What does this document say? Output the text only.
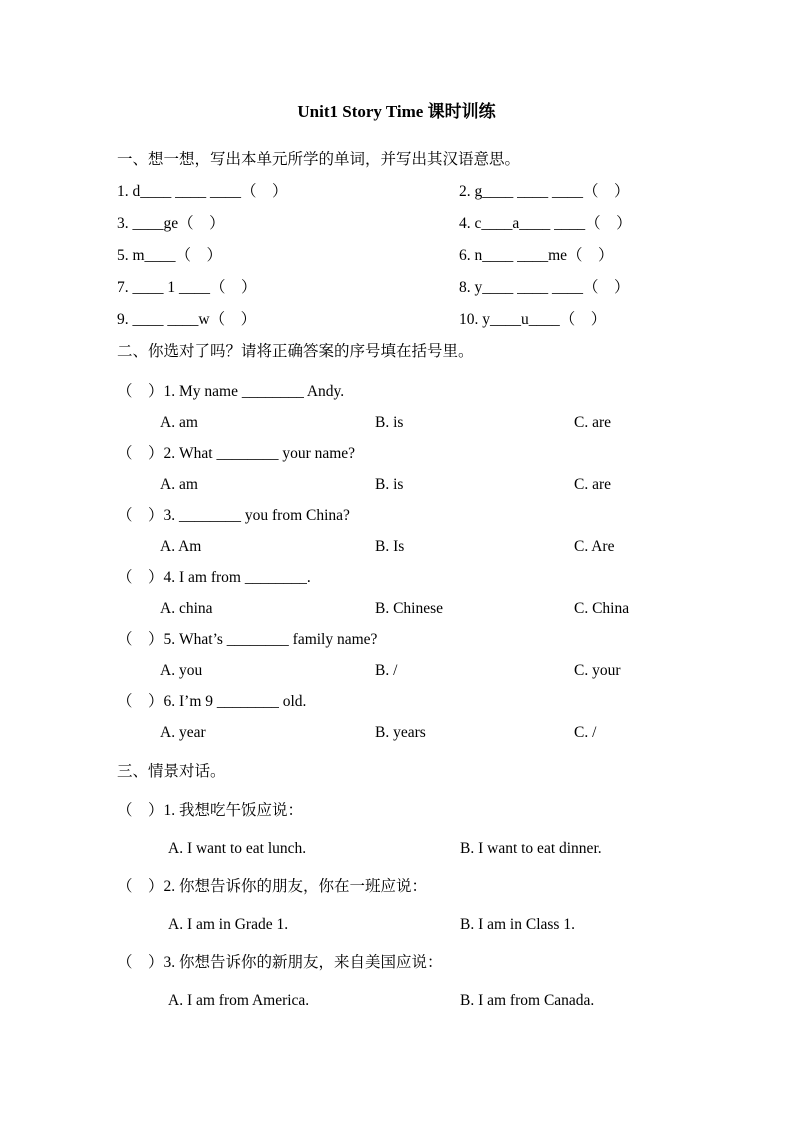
Unit1 Story Time 课时训练
一、想一想，写出本单元所学的单词，并写出其汉语意思。
1. d____ ____ ____（　）	2. g____ ____ ____（　）
3. ____ge（　）	4. c____a____ ____（　）
5. m____（　）	6. n____ ____me（　）
7. ____ 1 ____（　）	8. y____ ____ ____（　）
9. ____ ____w（　）	10. y____u____（　）
二、你选对了吗？请将正确答案的序号填在括号里。
（　）1. My name ________ Andy.
A. am	B. is	C. are
（　）2. What ________ your name?
A. am	B. is	C. are
（　）3. ________ you from China?
A. Am	B. Is	C. Are
（　）4. I am from ________.
A. china	B. Chinese	C. China
（　）5. What’s ________ family name?
A. you	B. /	C. your
（　）6. I’m 9 ________ old.
A. year	B. years	C. /
三、情景对话。
（　）1. 我想吃午饭应说：
A. I want to eat lunch.	B. I want to eat dinner.
（　）2. 你想告诉你的朋友，你在一班应说：
A. I am in Grade 1.	B. I am in Class 1.
（　）3. 你想告诉你的新朋友，来自美国应说：
A. I am from America.	B. I am from Canada.
